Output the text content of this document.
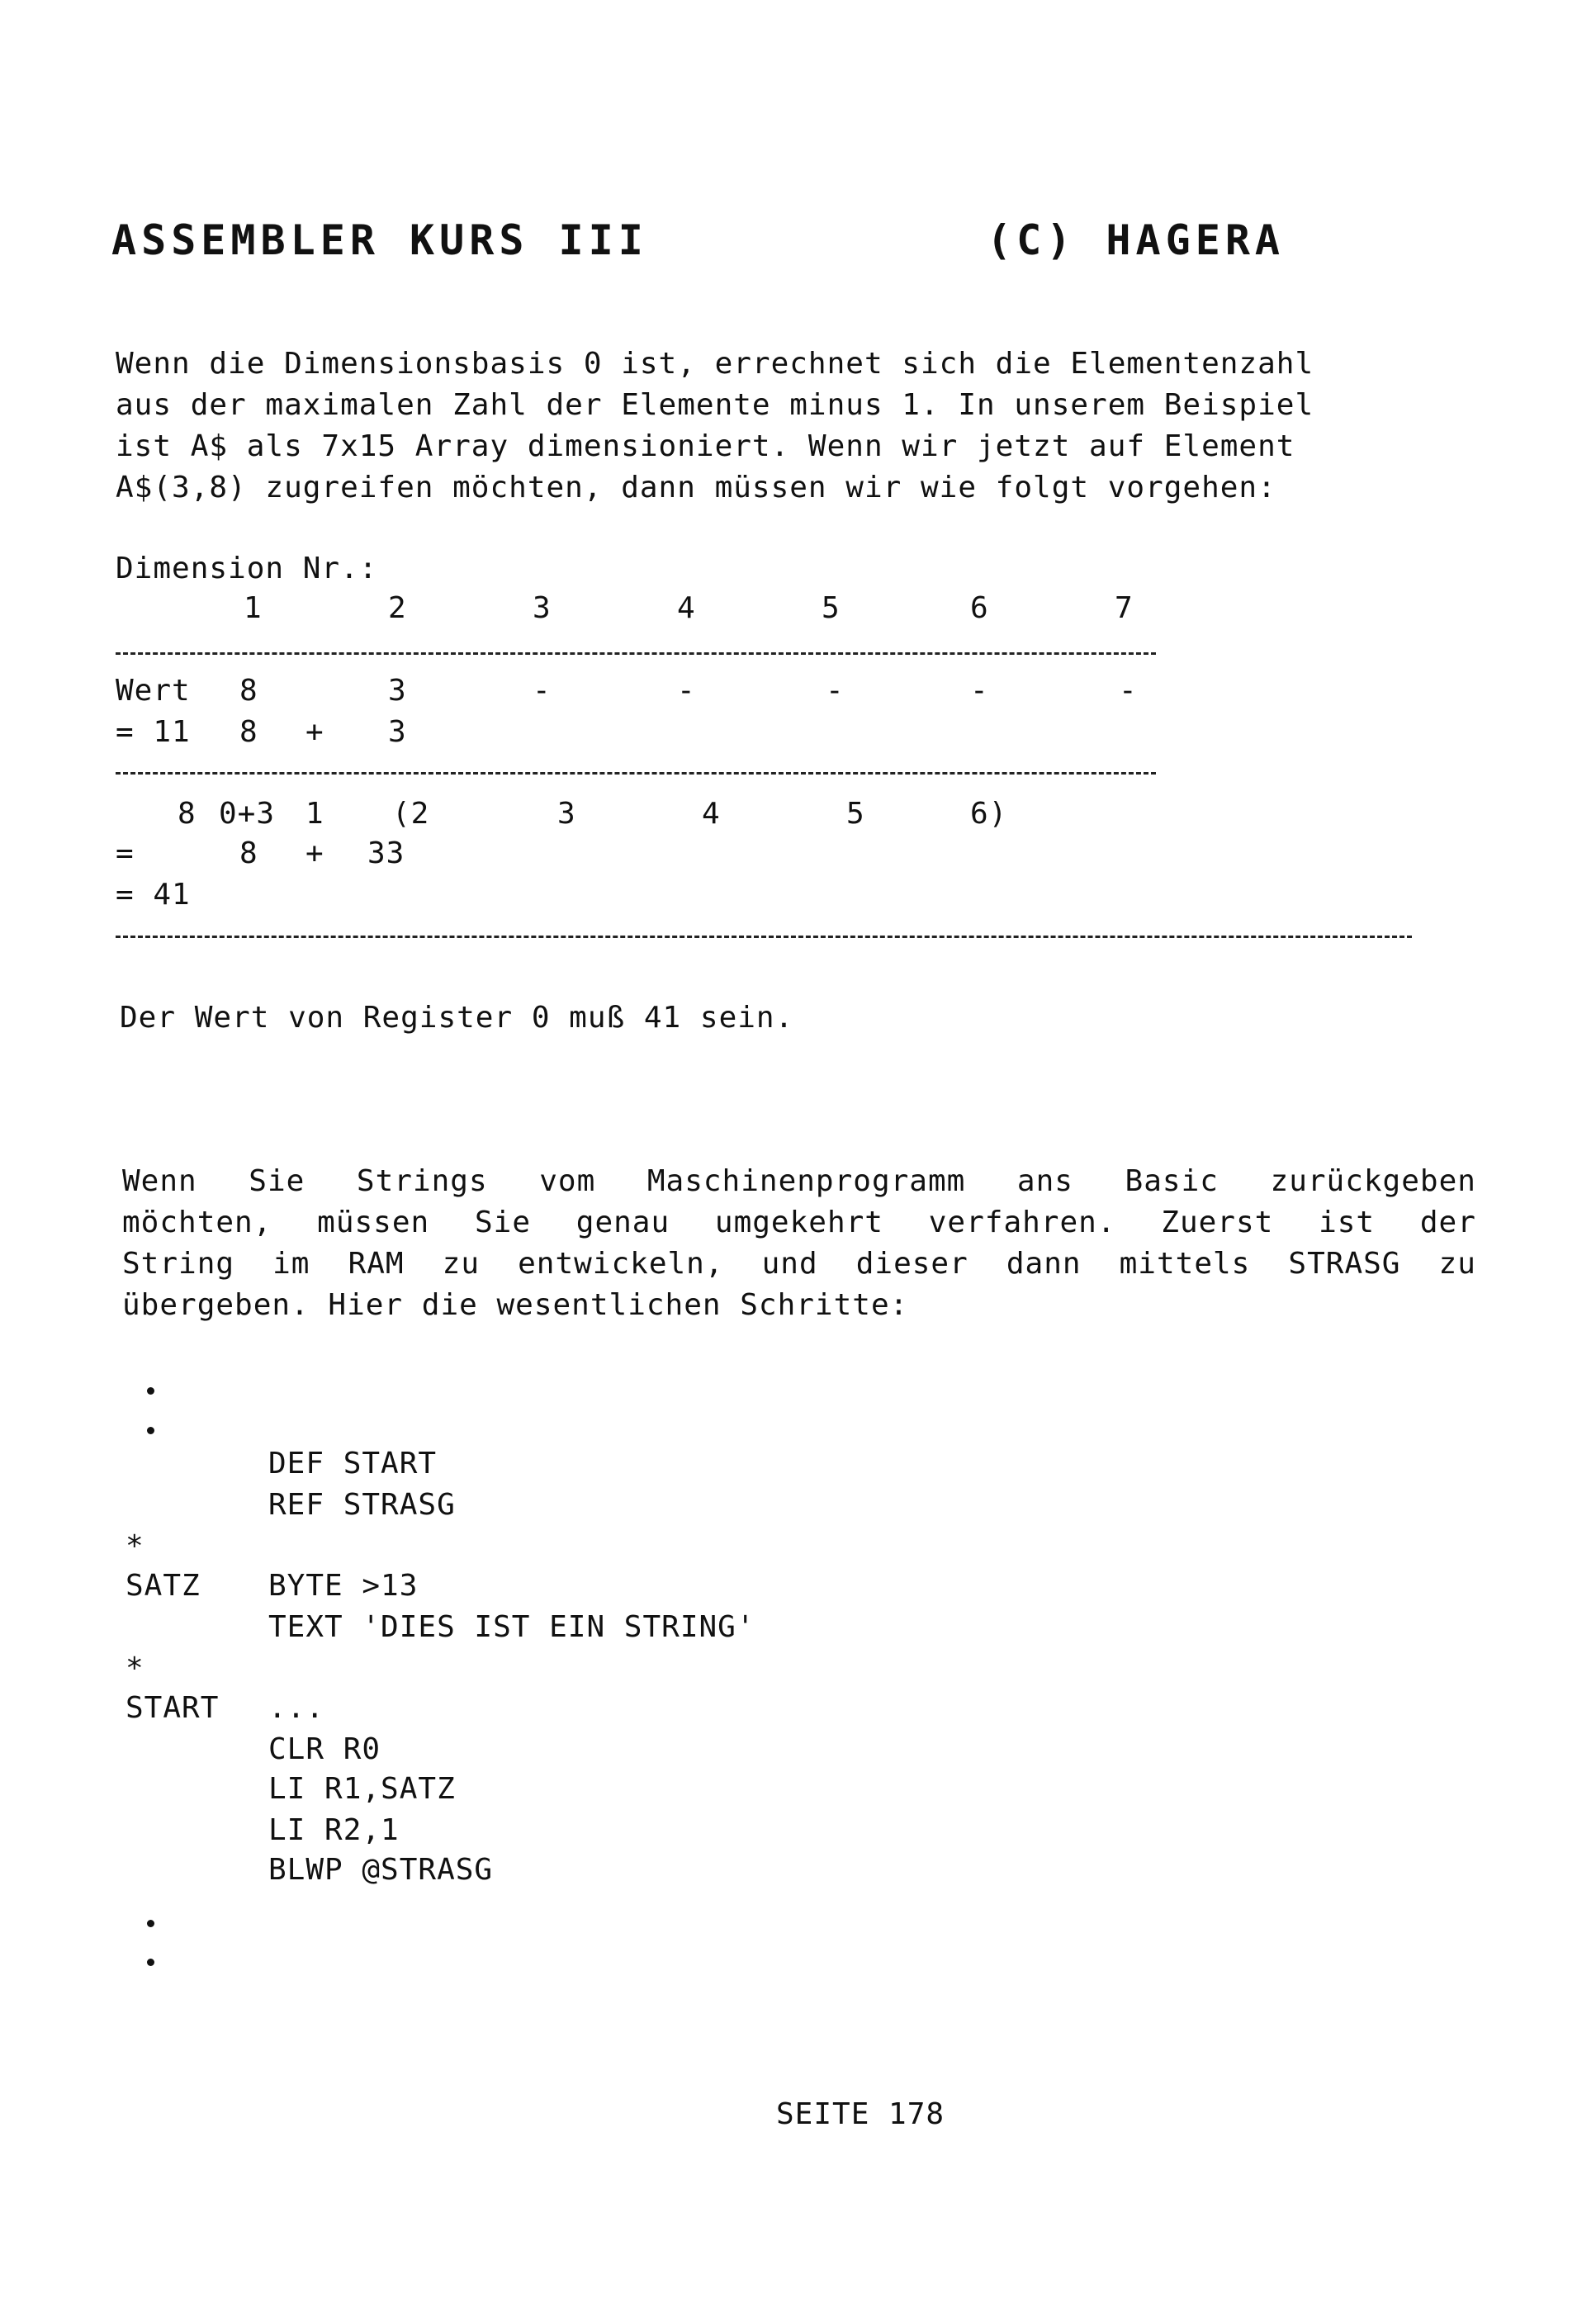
ASSEMBLER KURS III	(C) HAGERA
Wenn die Dimensionsbasis 0 ist, errechnet sich die Elementenzahl
aus der maximalen Zahl der Elemente minus 1. In unserem Beispiel
ist A$ als 7x15 Array dimensioniert. Wenn wir jetzt auf Element
A$(3,8) zugreifen möchten, dann müssen wir wie folgt vorgehen:
Dimension Nr.:
1	2	3	4	5	6	7
Wert 8	3	-	-	-	-	-
= 11 8 + 3
8 0+3 1 (2	3	4	5	6)
=	8 + 33
= 41
Der Wert von Register 0 muß 41 sein.
Wenn Sie Strings vom Maschinenprogramm ans Basic zurückgeben
möchten, müssen Sie genau umgekehrt verfahren. Zuerst ist der
String im RAM zu entwickeln, und dieser dann mittels STRASG zu
übergeben. Hier die wesentlichen Schritte:
DEF START
REF STRASG
*
SATZ BYTE >13
TEXT 'DIES IST EIN STRING'
*
START ...
CLR R0
LI R1,SATZ
LI R2,1
BLWP @STRASG
SEITE 178
